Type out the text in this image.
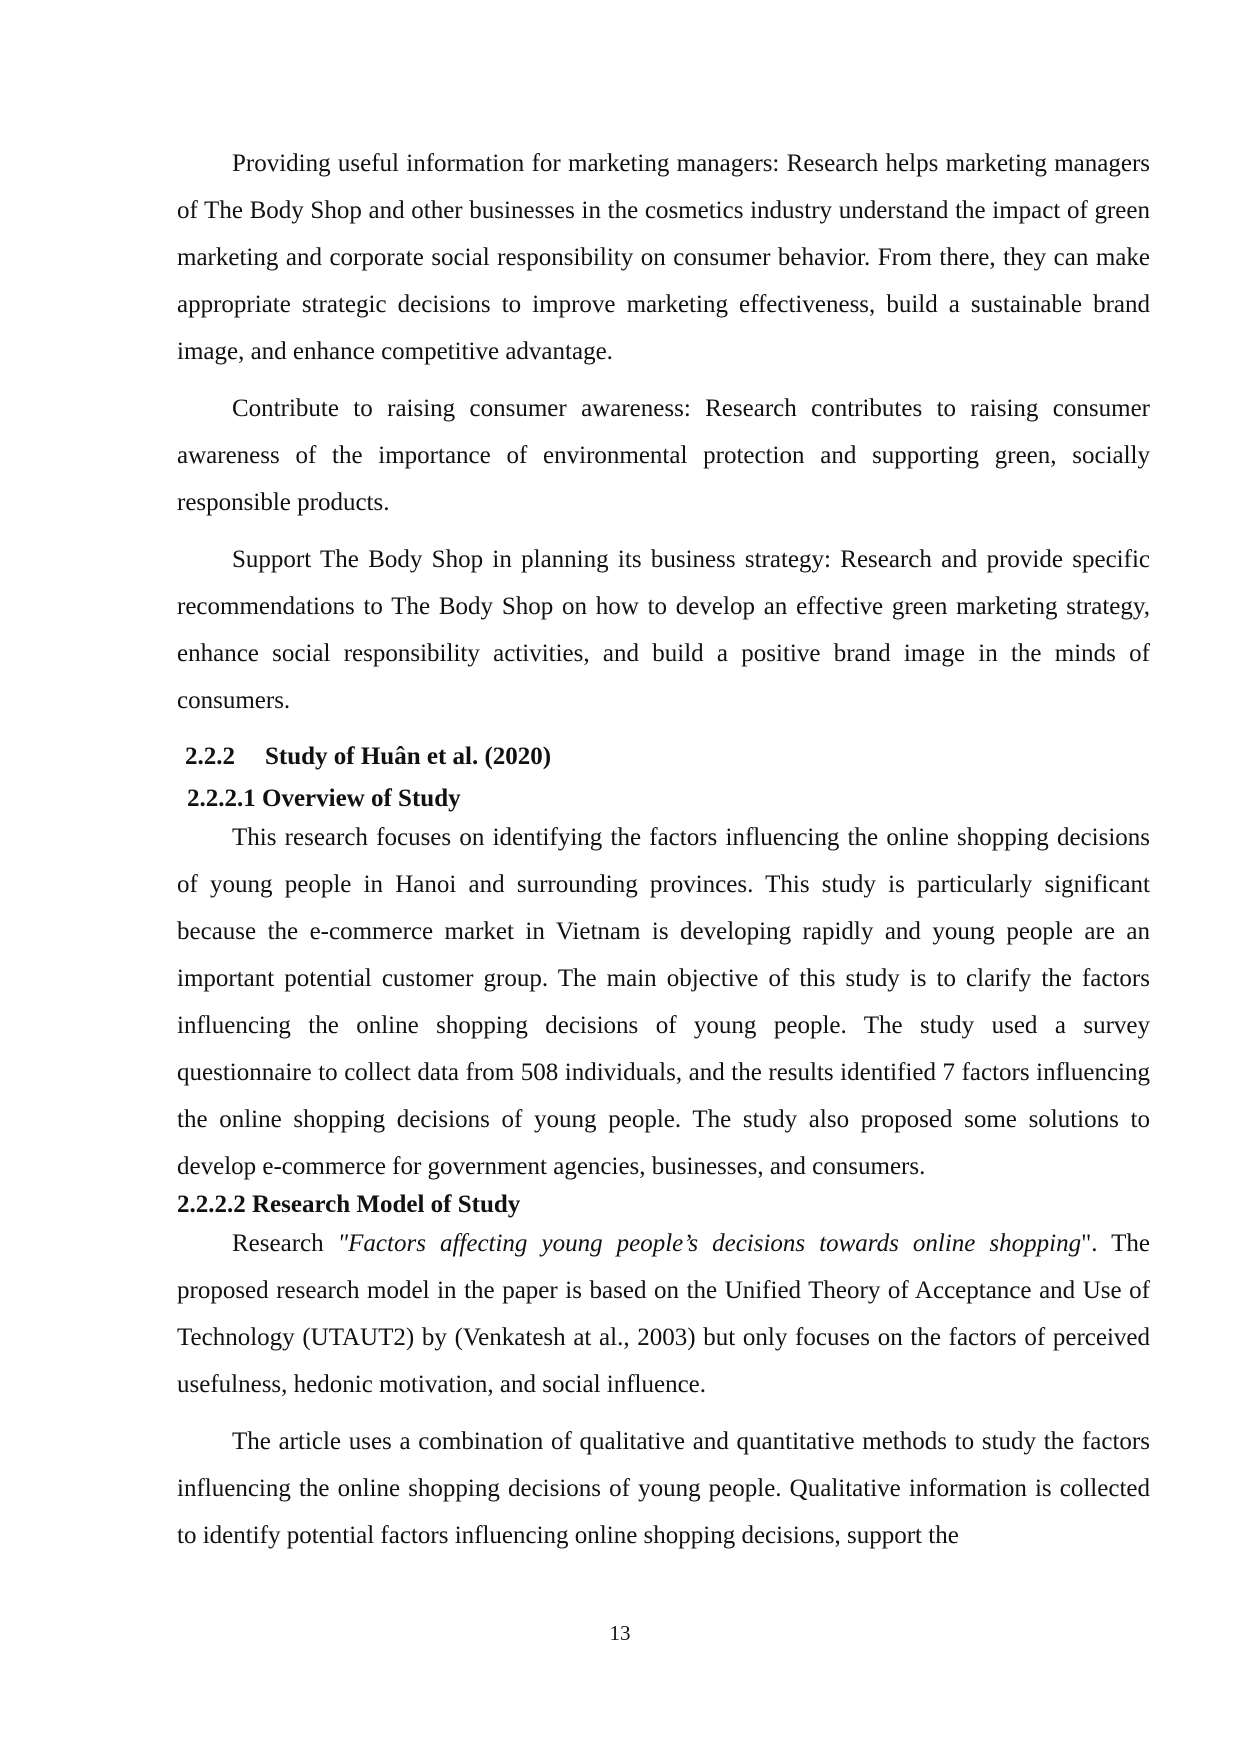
Providing useful information for marketing managers: Research helps marketing managers of The Body Shop and other businesses in the cosmetics industry understand the impact of green marketing and corporate social responsibility on consumer behavior. From there, they can make appropriate strategic decisions to improve marketing effectiveness, build a sustainable brand image, and enhance competitive advantage.

Contribute to raising consumer awareness: Research contributes to raising consumer awareness of the importance of environmental protection and supporting green, socially responsible products.

Support The Body Shop in planning its business strategy: Research and provide specific recommendations to The Body Shop on how to develop an effective green marketing strategy, enhance social responsibility activities, and build a positive brand image in the minds of consumers.

2.2.2 Study of Huân et al. (2020)
2.2.2.1 Overview of Study

This research focuses on identifying the factors influencing the online shopping decisions of young people in Hanoi and surrounding provinces. This study is particularly significant because the e-commerce market in Vietnam is developing rapidly and young people are an important potential customer group. The main objective of this study is to clarify the factors influencing the online shopping decisions of young people. The study used a survey questionnaire to collect data from 508 individuals, and the results identified 7 factors influencing the online shopping decisions of young people. The study also proposed some solutions to develop e-commerce for government agencies, businesses, and consumers.

2.2.2.2 Research Model of Study

Research "Factors affecting young people’s decisions towards online shopping". The proposed research model in the paper is based on the Unified Theory of Acceptance and Use of Technology (UTAUT2) by (Venkatesh at al., 2003) but only focuses on the factors of perceived usefulness, hedonic motivation, and social influence.

The article uses a combination of qualitative and quantitative methods to study the factors influencing the online shopping decisions of young people. Qualitative information is collected to identify potential factors influencing online shopping decisions, support the

13
